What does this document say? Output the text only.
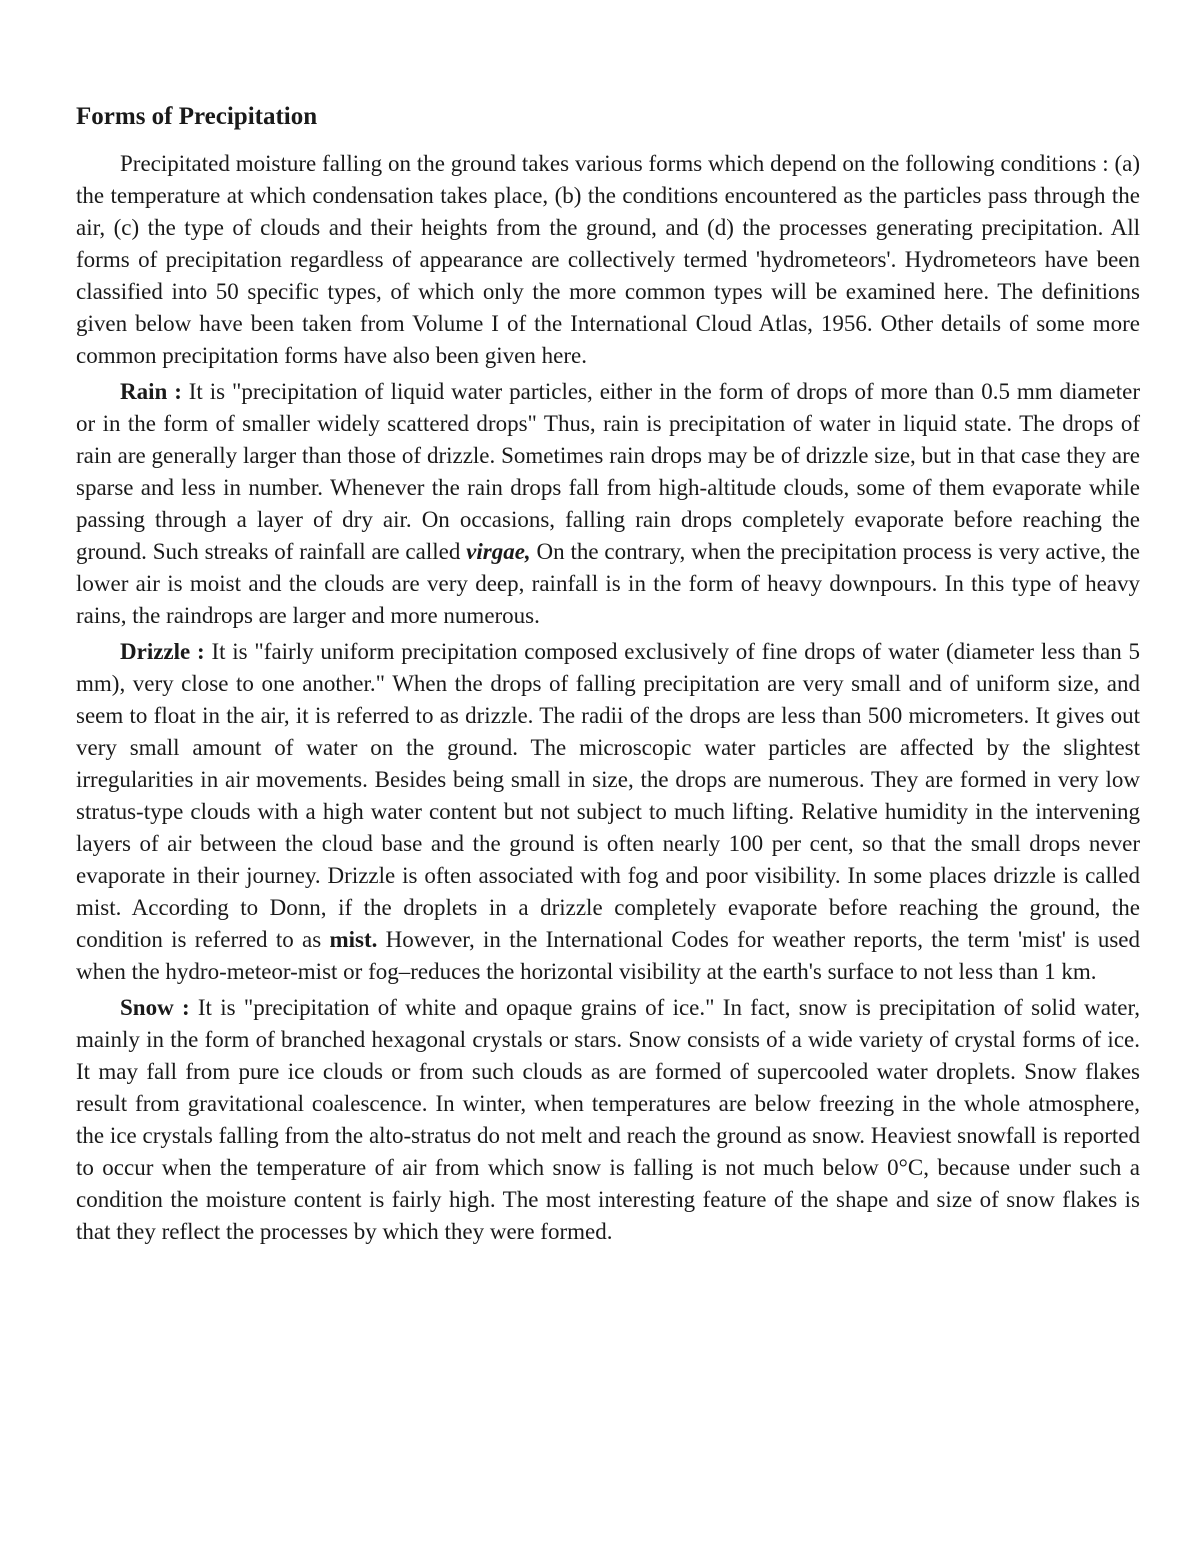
Forms of Precipitation

Precipitated moisture falling on the ground takes various forms which depend on the following conditions : (a) the temperature at which condensation takes place, (b) the conditions encountered as the particles pass through the air, (c) the type of clouds and their heights from the ground, and (d) the processes generating precipitation. All forms of precipitation regardless of appearance are collectively termed 'hydrometeors'. Hydrometeors have been classified into 50 specific types, of which only the more common types will be examined here. The definitions given below have been taken from Volume I of the International Cloud Atlas, 1956. Other details of some more common precipitation forms have also been given here.

Rain : It is "precipitation of liquid water particles, either in the form of drops of more than 0.5 mm diameter or in the form of smaller widely scattered drops" Thus, rain is precipitation of water in liquid state. The drops of rain are generally larger than those of drizzle. Sometimes rain drops may be of drizzle size, but in that case they are sparse and less in number. Whenever the rain drops fall from high-altitude clouds, some of them evaporate while passing through a layer of dry air. On occasions, falling rain drops completely evaporate before reaching the ground. Such streaks of rainfall are called virgae, On the contrary, when the precipitation process is very active, the lower air is moist and the clouds are very deep, rainfall is in the form of heavy downpours. In this type of heavy rains, the raindrops are larger and more numerous.

Drizzle : It is "fairly uniform precipitation composed exclusively of fine drops of water (diameter less than 5 mm), very close to one another." When the drops of falling precipitation are very small and of uniform size, and seem to float in the air, it is referred to as drizzle. The radii of the drops are less than 500 micrometers. It gives out very small amount of water on the ground. The microscopic water particles are affected by the slightest irregularities in air movements. Besides being small in size, the drops are numerous. They are formed in very low stratus-type clouds with a high water content but not subject to much lifting. Relative humidity in the intervening layers of air between the cloud base and the ground is often nearly 100 per cent, so that the small drops never evaporate in their journey. Drizzle is often associated with fog and poor visibility. In some places drizzle is called mist. According to Donn, if the droplets in a drizzle completely evaporate before reaching the ground, the condition is referred to as mist. However, in the International Codes for weather reports, the term 'mist' is used when the hydro-meteor-mist or fog–reduces the horizontal visibility at the earth's surface to not less than 1 km.

Snow : It is "precipitation of white and opaque grains of ice." In fact, snow is precipitation of solid water, mainly in the form of branched hexagonal crystals or stars. Snow consists of a wide variety of crystal forms of ice. It may fall from pure ice clouds or from such clouds as are formed of supercooled water droplets. Snow flakes result from gravitational coalescence. In winter, when temperatures are below freezing in the whole atmosphere, the ice crystals falling from the alto-stratus do not melt and reach the ground as snow. Heaviest snowfall is reported to occur when the temperature of air from which snow is falling is not much below 0°C, because under such a condition the moisture content is fairly high. The most interesting feature of the shape and size of snow flakes is that they reflect the processes by which they were formed.
